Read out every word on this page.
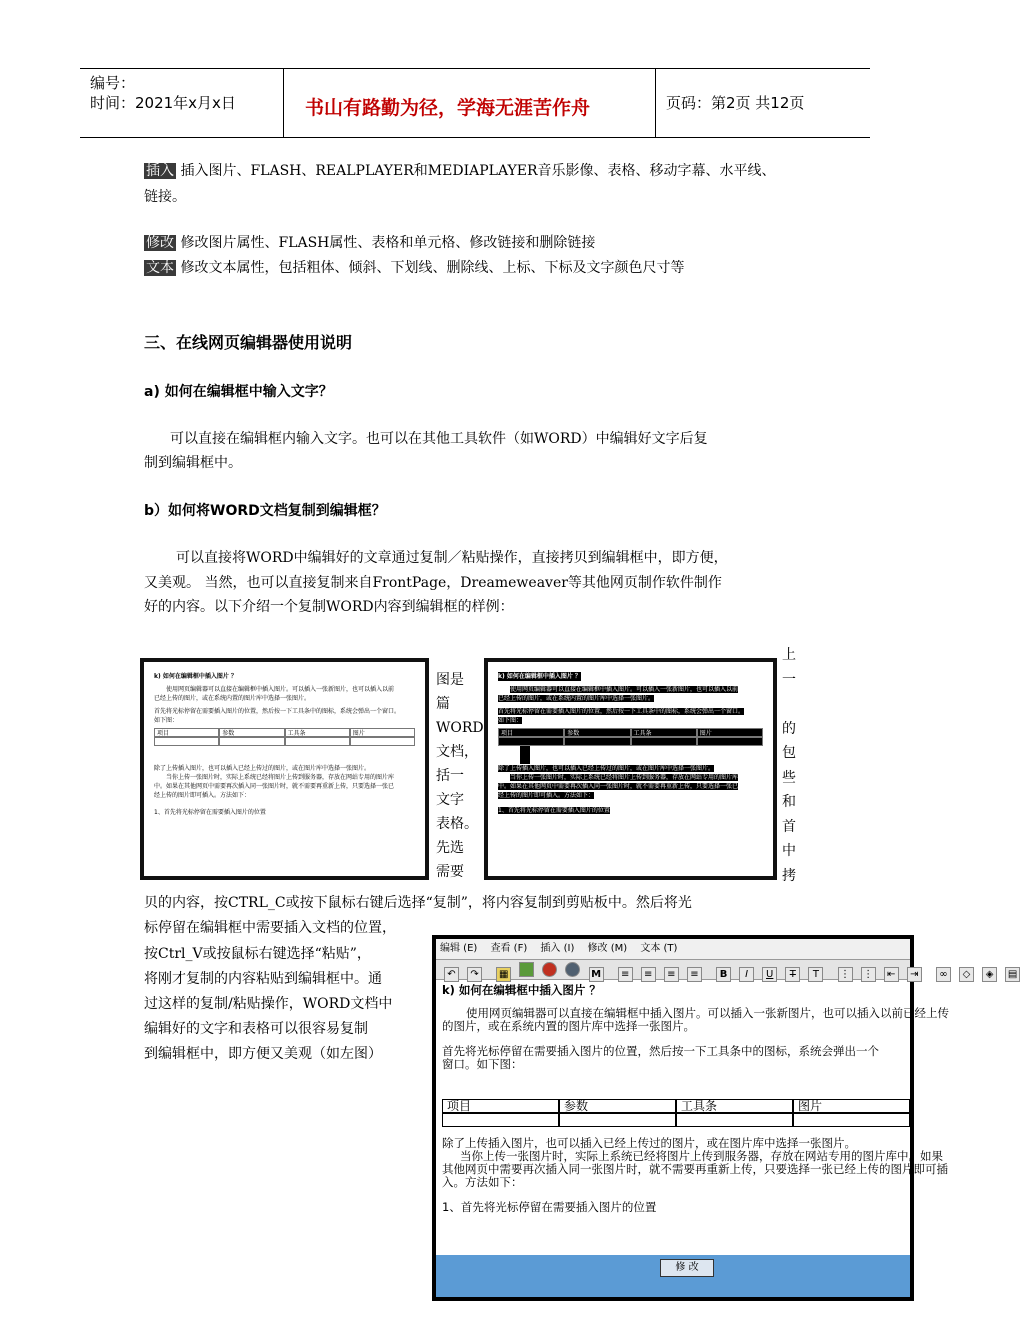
编号：
时间：2021年x月x日	书山有路勤为径，学海无涯苦作舟	页码：第2页 共12页
插入 插入图片、FLASH、REALPLAYER和MEDIAPLAYER音乐影像、表格、移动字幕、水平线、
链接。
修改 修改图片属性、FLASH属性、表格和单元格、修改链接和删除链接
文本 修改文本属性，包括粗体、倾斜、下划线、删除线、上标、下标及文字颜色尺寸等
三、在线网页编辑器使用说明
a) 如何在编辑框中输入文字？
可以直接在编辑框内输入文字。也可以在其他工具软件（如WORD）中编辑好文字后复
制到编辑框中。
b）如何将WORD文档复制到编辑框？
可以直接将WORD中编辑好的文章通过复制／粘贴操作，直接拷贝到编辑框中，即方便，
又美观。 当然，也可以直接复制来自FrontPage，Dreameweaver等其他网页制作软件制作
好的内容。以下介绍一个复制WORD内容到编辑框的样例：
k) 如何在编辑框中插入图片 ？
使用网页编辑器可以直接在编辑框中插入图片。可以插入一张新图片，也可以插入以前
已经上传的图片，或在系统内置的图片库中选择一张图片。
首先将光标停留在需要插入图片的位置，然后按一下工具条中的图标，系统会弹出一个窗口。
如下图：
项目	参数	工具条	图片
除了上传插入图片，也可以插入已经上传过的图片，或在图片库中选择一张图片。
当你上传一张图片时，实际上系统已经将图片上传到服务器，存放在网站专用的图片库
中。如果在其他网页中需要再次插入同一张图片时，就不需要再重新上传，只要选择一张已
经上传的图片即可插入。方法如下：
1、首先将光标停留在需要插入图片的位置
图是
篇
WORD
文档，
括一
文字
表格。
先选
需要
k) 如何在编辑框中插入图片 ？
使用网页编辑器可以直接在编辑框中插入图片。可以插入一张新图片，也可以插入以前
已经上传的图片，或在系统内置的图片库中选择一张图片。
首先将光标停留在需要插入图片的位置，然后按一下工具条中的图标，系统会弹出一个窗口。
如下图：
项目	参数	工具条	图片
除了上传插入图片，也可以插入已经上传过的图片，或在图片库中选择一张图片。
当你上传一张图片时，实际上系统已经将图片上传到服务器，存放在网站专用的图片库
中。如果在其他网页中需要再次插入同一张图片时，就不需要再重新上传，只要选择一张已
经上传的图片即可插入。方法如下：
1、首先将光标停留在需要插入图片的位置
上
一
的
包
些
和
首
中
拷
贝的内容，按CTRL_C或按下鼠标右键后选择“复制”，将内容复制到剪贴板中。然后将光
标停留在编辑框中需要插入文档的位置，
按Ctrl_V或按鼠标右键选择“粘贴”，
将刚才复制的内容粘贴到编辑框中。通
过这样的复制/粘贴操作，WORD文档中
编辑好的文字和表格可以很容易复制
到编辑框中，即方便又美观（如左图）
编辑 (E) 查看 (F) 插入 (I) 修改 (M) 文本 (T)
↶ ↷ ▦	M ≡ ≡ ≡ ≡ B I U T T ⋮ ⋮ ⇤ ⇥ ∞ ◇ ◈ ▤
k) 如何在编辑框中插入图片 ？
使用网页编辑器可以直接在编辑框中插入图片。可以插入一张新图片，也可以插入以前已经上传
的图片，或在系统内置的图片库中选择一张图片。
首先将光标停留在需要插入图片的位置，然后按一下工具条中的图标，系统会弹出一个
窗口。如下图：
项目	参数	工具条	图片
除了上传插入图片，也可以插入已经上传过的图片，或在图片库中选择一张图片。
当你上传一张图片时，实际上系统已经将图片上传到服务器，存放在网站专用的图片库中。如果
其他网页中需要再次插入同一张图片时，就不需要再重新上传，只要选择一张已经上传的图片即可插
入。方法如下：
1、首先将光标停留在需要插入图片的位置
修 改
